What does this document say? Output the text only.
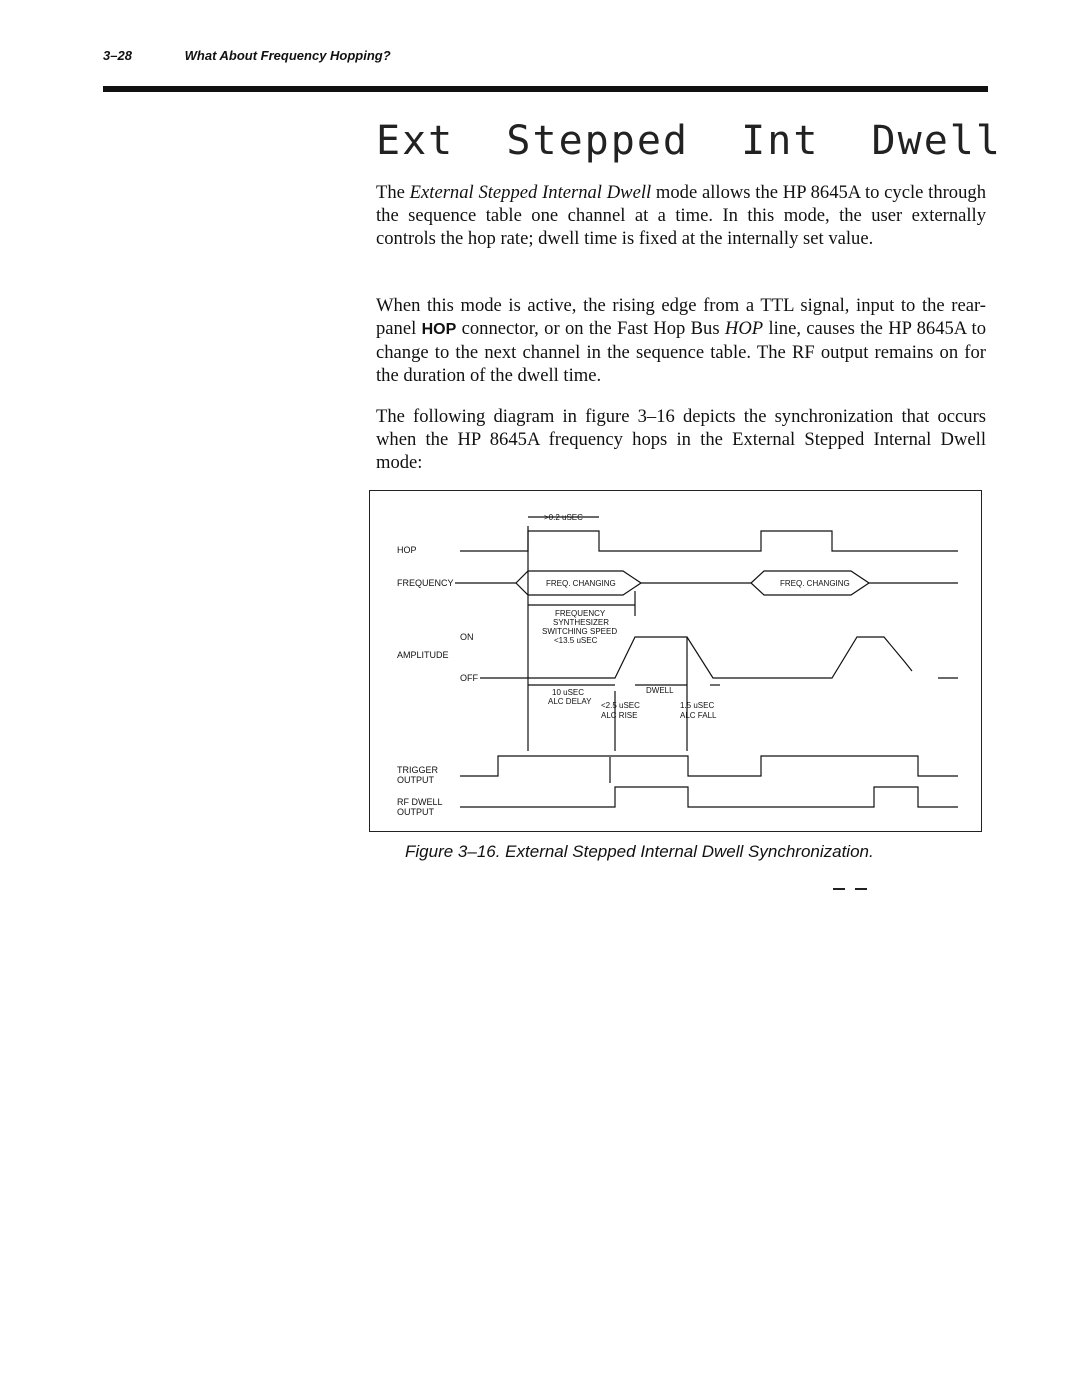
3–28	What About Frequency Hopping?
Ext  Stepped  Int  Dwell
The External Stepped Internal Dwell mode allows the HP 8645A to cycle through the sequence table one channel at a time. In this mode, the user externally controls the hop rate; dwell time is fixed at the internally set value.
When this mode is active, the rising edge from a TTL signal, input to the rear-panel HOP connector, or on the Fast Hop Bus HOP line, causes the HP 8645A to change to the next channel in the sequence table. The RF output remains on for the duration of the dwell time.
The following diagram in figure 3–16 depicts the synchronization that occurs when the HP 8645A frequency hops in the External Stepped Internal Dwell mode:
HOP
FREQUENCY
ON
AMPLITUDE
OFF
TRIGGER
OUTPUT
RF DWELL
OUTPUT
>0.2 uSEC
FREQ. CHANGING	FREQ. CHANGING
FREQUENCY
SYNTHESIZER
SWITCHING SPEED
<13.5 uSEC
10 uSEC
ALC DELAY
DWELL
<2.5 uSEC
ALC RISE
1.5 uSEC
ALC FALL
Figure 3–16. External Stepped Internal Dwell Synchronization.
